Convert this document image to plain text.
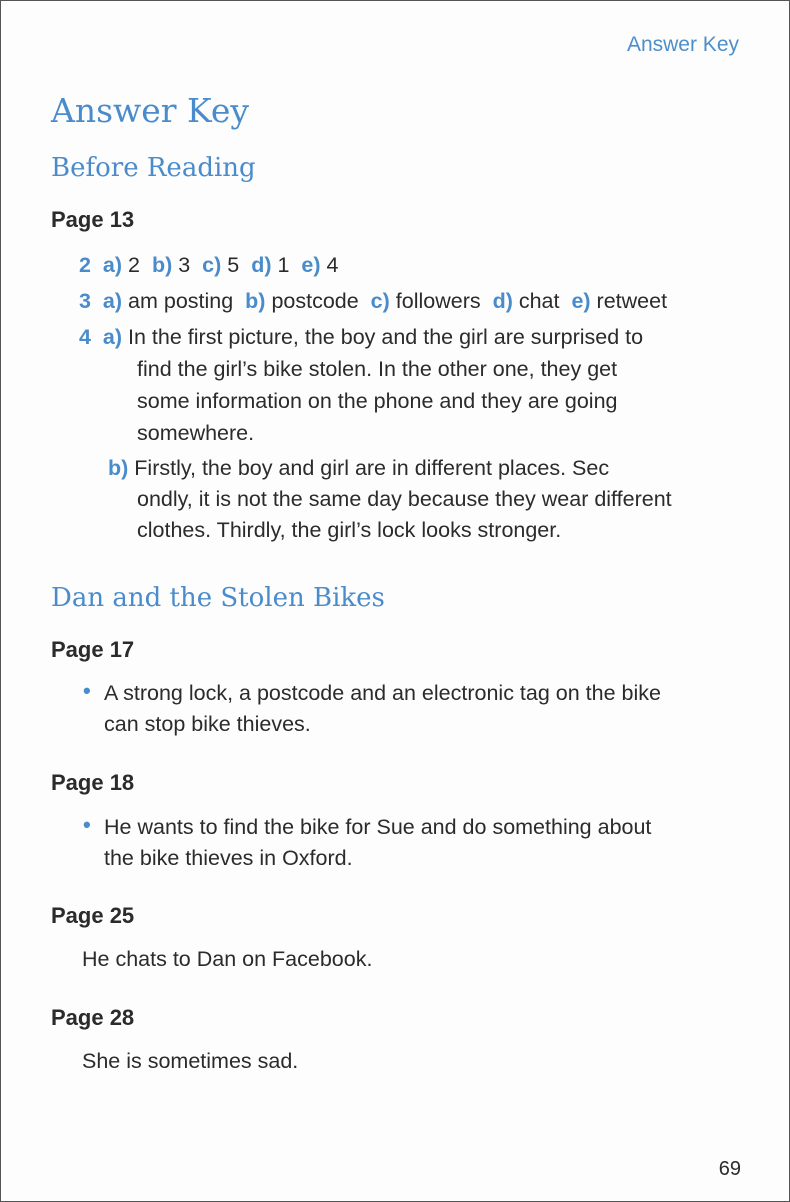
Answer Key
Answer Key
Before Reading
Page 13
2 a) 2 b) 3 c) 5 d) 1 e) 4
3 a) am posting b) postcode c) followers d) chat e) retweet
4 a) In the first picture, the boy and the girl are surprised to
find the girl’s bike stolen. In the other one, they get
some information on the phone and they are going
somewhere.
b) Firstly, the boy and girl are in different places. Sec
ondly, it is not the same day because they wear different
clothes. Thirdly, the girl’s lock looks stronger.
Dan and the Stolen Bikes
Page 17
• A strong lock, a postcode and an electronic tag on the bike
can stop bike thieves.
Page 18
• He wants to find the bike for Sue and do something about
the bike thieves in Oxford.
Page 25
He chats to Dan on Facebook.
Page 28
She is sometimes sad.
69
